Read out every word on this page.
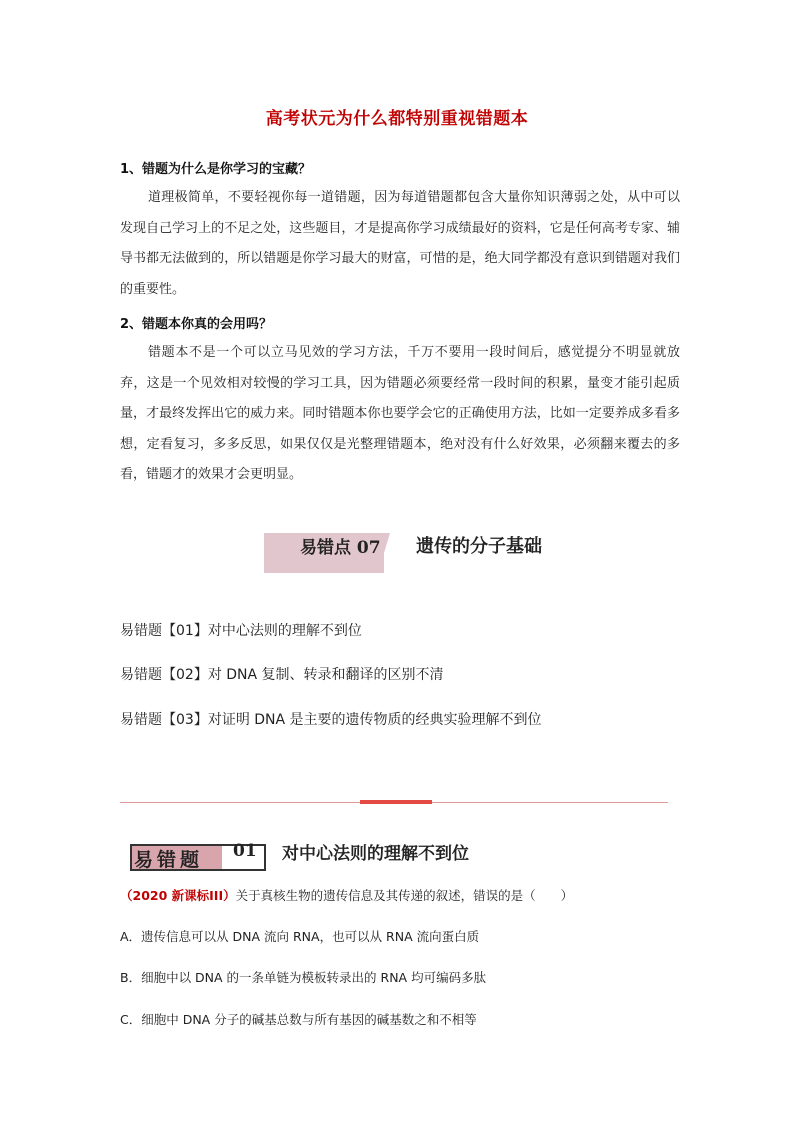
高考状元为什么都特别重视错题本
1、错题为什么是你学习的宝藏？
道理极简单，不要轻视你每一道错题，因为每道错题都包含大量你知识薄弱之处，从中可以发现自己学习上的不足之处，这些题目，才是提高你学习成绩最好的资料，它是任何高考专家、辅导书都无法做到的，所以错题是你学习最大的财富，可惜的是，绝大同学都没有意识到错题对我们的重要性。
2、错题本你真的会用吗？
错题本不是一个可以立马见效的学习方法，千万不要用一段时间后，感觉提分不明显就放弃，这是一个见效相对较慢的学习工具，因为错题必须要经常一段时间的积累，量变才能引起质量，才最终发挥出它的威力来。同时错题本你也要学会它的正确使用方法，比如一定要养成多看多想，定看复习，多多反思，如果仅仅是光整理错题本，绝对没有什么好效果，必须翻来覆去的多看，错题才的效果才会更明显。
易错点 07 遗传的分子基础
易错题【01】对中心法则的理解不到位
易错题【02】对 DNA 复制、转录和翻译的区别不清
易错题【03】对证明 DNA 是主要的遗传物质的经典实验理解不到位
易错题 01 对中心法则的理解不到位
（2020 新课标III）关于真核生物的遗传信息及其传递的叙述，错误的是（　　）
A．遗传信息可以从 DNA 流向 RNA，也可以从 RNA 流向蛋白质
B．细胞中以 DNA 的一条单链为模板转录出的 RNA 均可编码多肽
C．细胞中 DNA 分子的碱基总数与所有基因的碱基数之和不相等
